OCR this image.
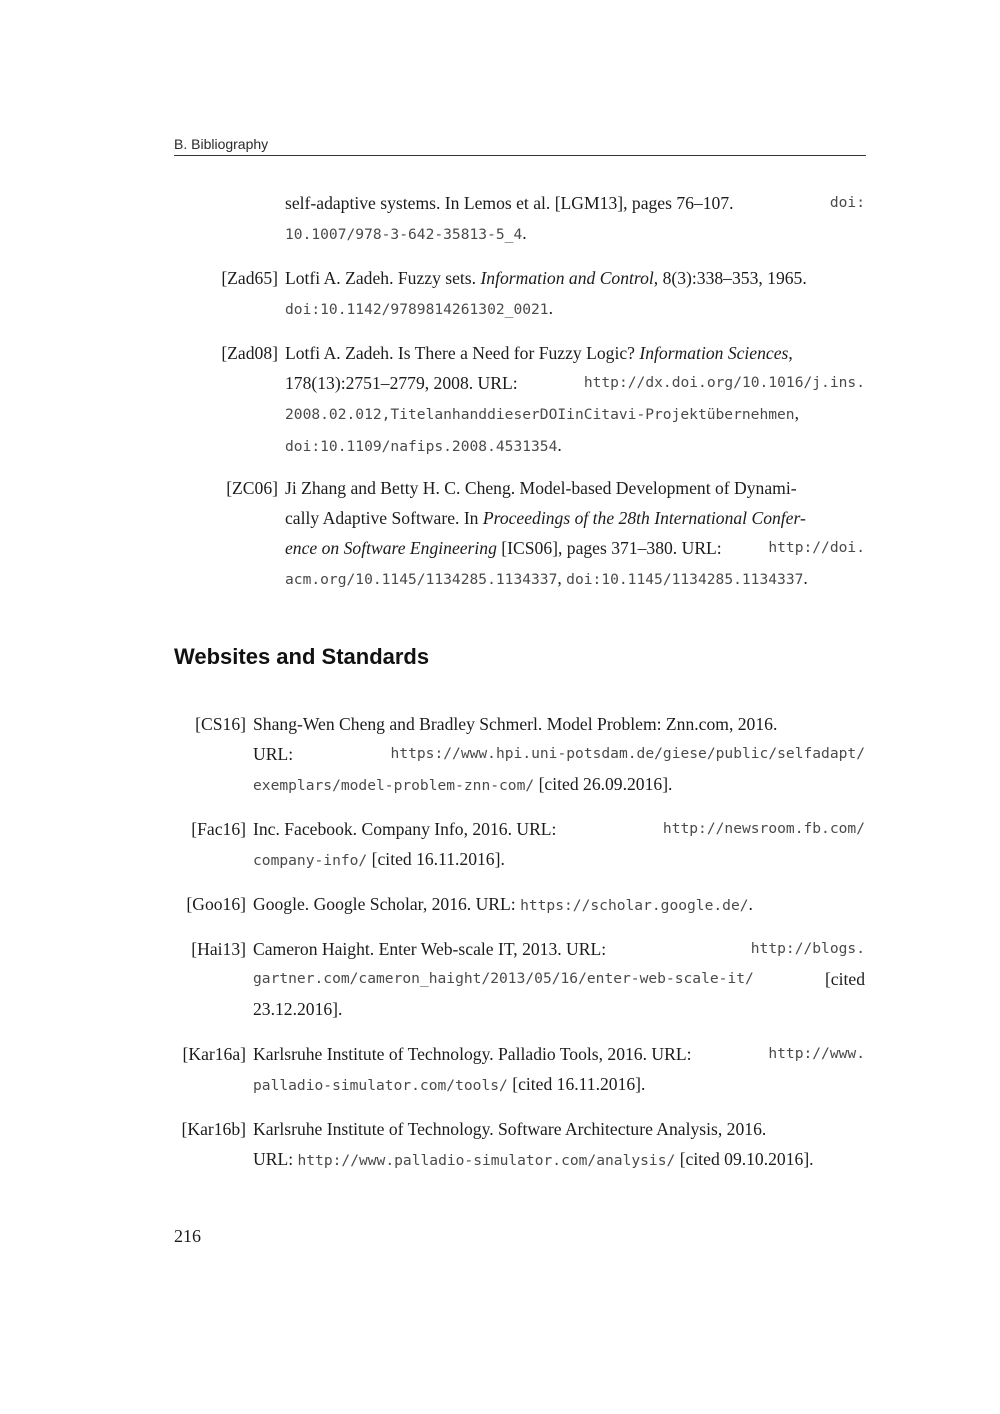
B. Bibliography
self-adaptive systems. In Lemos et al. [LGM13], pages 76–107.	doi:
10.1007/978-3-642-35813-5_4.
[Zad65] Lotfi A. Zadeh. Fuzzy sets. Information and Control, 8(3):338–353, 1965.
doi:10.1142/9789814261302_0021.
[Zad08] Lotfi A. Zadeh. Is There a Need for Fuzzy Logic? Information Sciences,
178(13):2751–2779, 2008. URL:	http://dx.doi.org/10.1016/j.ins.
2008.02.012,TitelanhanddieserDOIinCitavi-Projektübernehmen,
doi:10.1109/nafips.2008.4531354.
[ZC06] Ji Zhang and Betty H. C. Cheng. Model-based Development of Dynami-
cally Adaptive Software. In Proceedings of the 28th International Confer-
ence on Software Engineering [ICS06], pages 371–380. URL:	http://doi.
acm.org/10.1145/1134285.1134337, doi:10.1145/1134285.1134337.
Websites and Standards
[CS16] Shang-Wen Cheng and Bradley Schmerl. Model Problem: Znn.com, 2016.
URL:	https://www.hpi.uni-potsdam.de/giese/public/selfadapt/
exemplars/model-problem-znn-com/ [cited 26.09.2016].
[Fac16] Inc. Facebook. Company Info, 2016. URL:	http://newsroom.fb.com/
company-info/ [cited 16.11.2016].
[Goo16] Google. Google Scholar, 2016. URL: https://scholar.google.de/.
[Hai13] Cameron Haight. Enter Web-scale IT, 2013. URL:	http://blogs.
gartner.com/cameron_haight/2013/05/16/enter-web-scale-it/	[cited
23.12.2016].
[Kar16a] Karlsruhe Institute of Technology. Palladio Tools, 2016. URL:	http://www.
palladio-simulator.com/tools/ [cited 16.11.2016].
[Kar16b] Karlsruhe Institute of Technology. Software Architecture Analysis, 2016.
URL: http://www.palladio-simulator.com/analysis/ [cited 09.10.2016].
216
